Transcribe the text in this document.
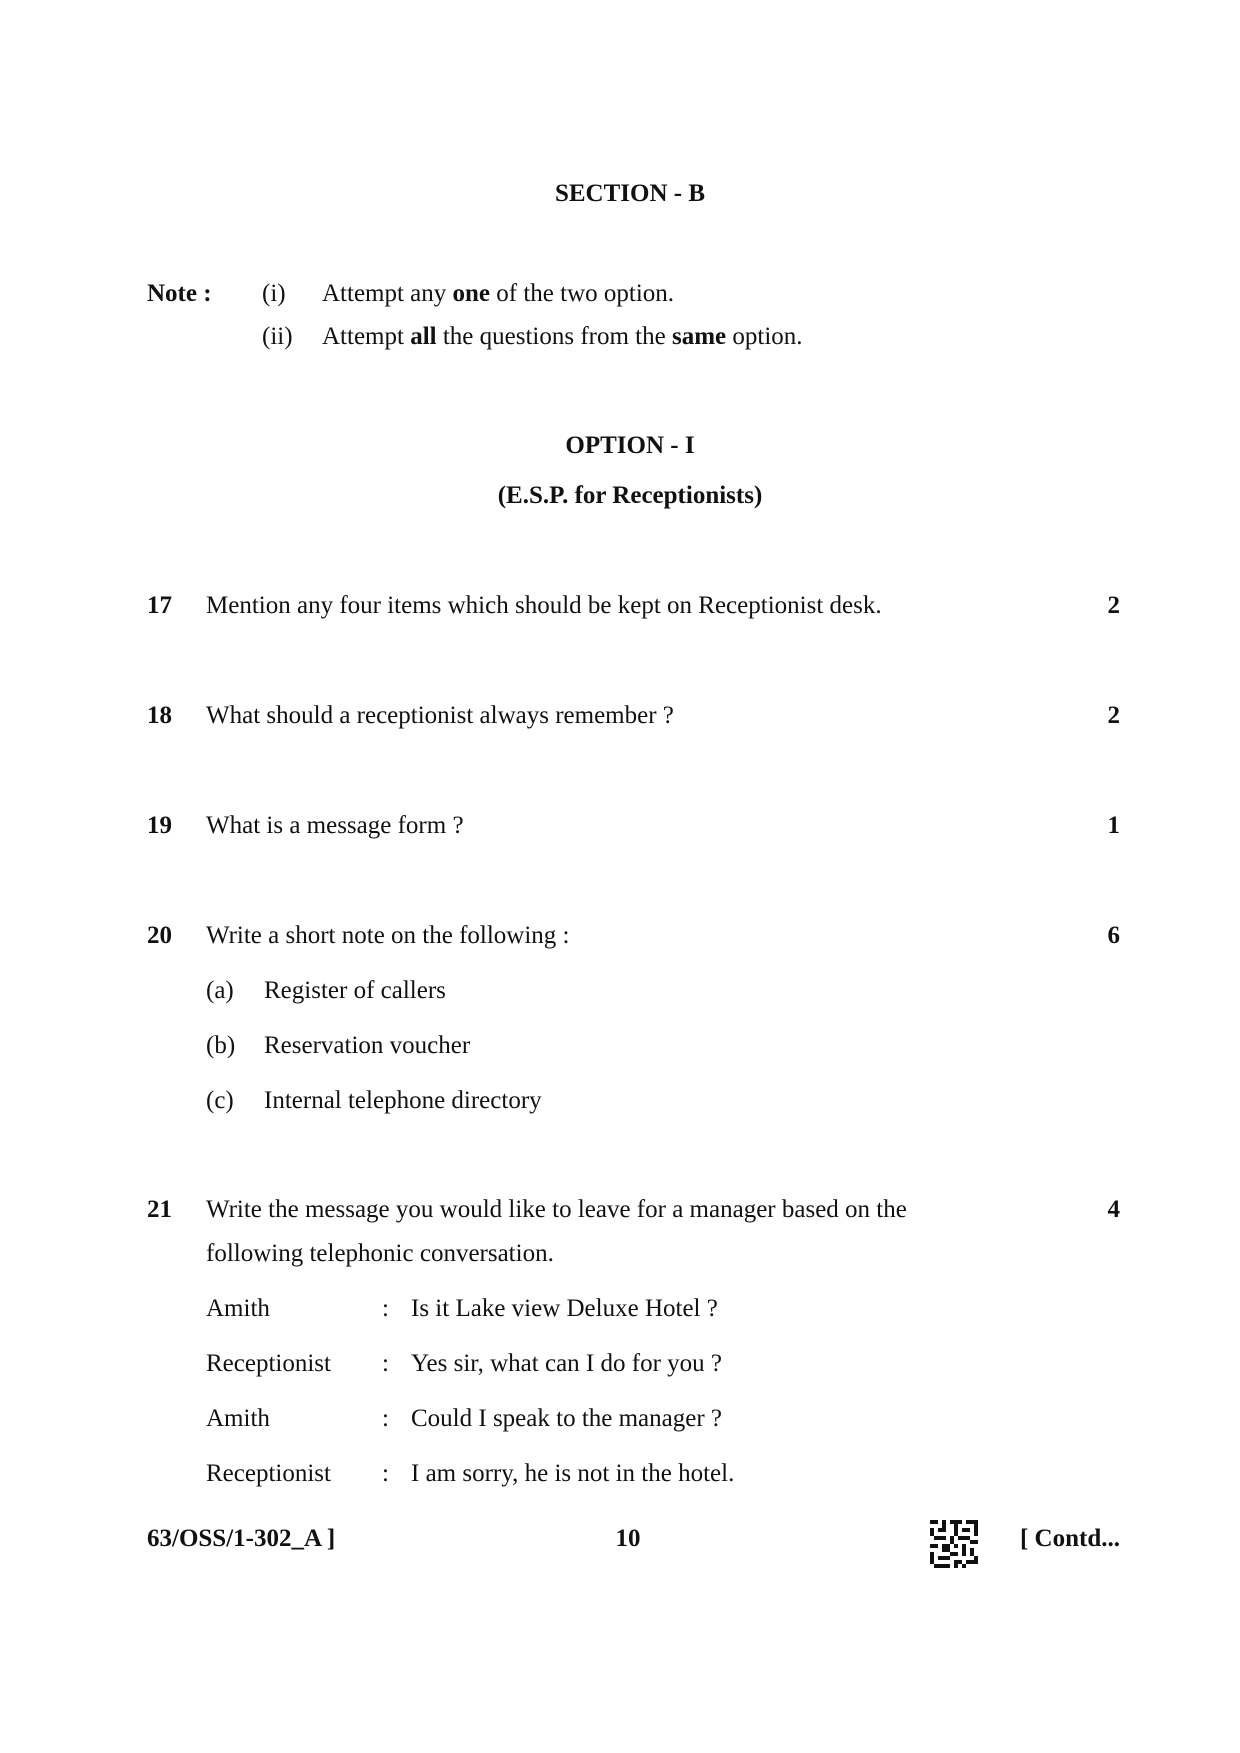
SECTION - B
Note : (i) Attempt any one of the two option.
(ii) Attempt all the questions from the same option.
OPTION - I
(E.S.P. for Receptionists)
17 Mention any four items which should be kept on Receptionist desk.	2
18 What should a receptionist always remember ?	2
19 What is a message form ?	1
20 Write a short note on the following :	6
(a) Register of callers
(b) Reservation voucher
(c) Internal telephone directory
21 Write the message you would like to leave for a manager based on the
following telephonic conversation.
4
Amith	: Is it Lake view Deluxe Hotel ?
Receptionist : Yes sir, what can I do for you ?
Amith	: Could I speak to the manager ?
Receptionist : I am sorry, he is not in the hotel.
63/OSS/1-302_A ]	10	[ Contd...
